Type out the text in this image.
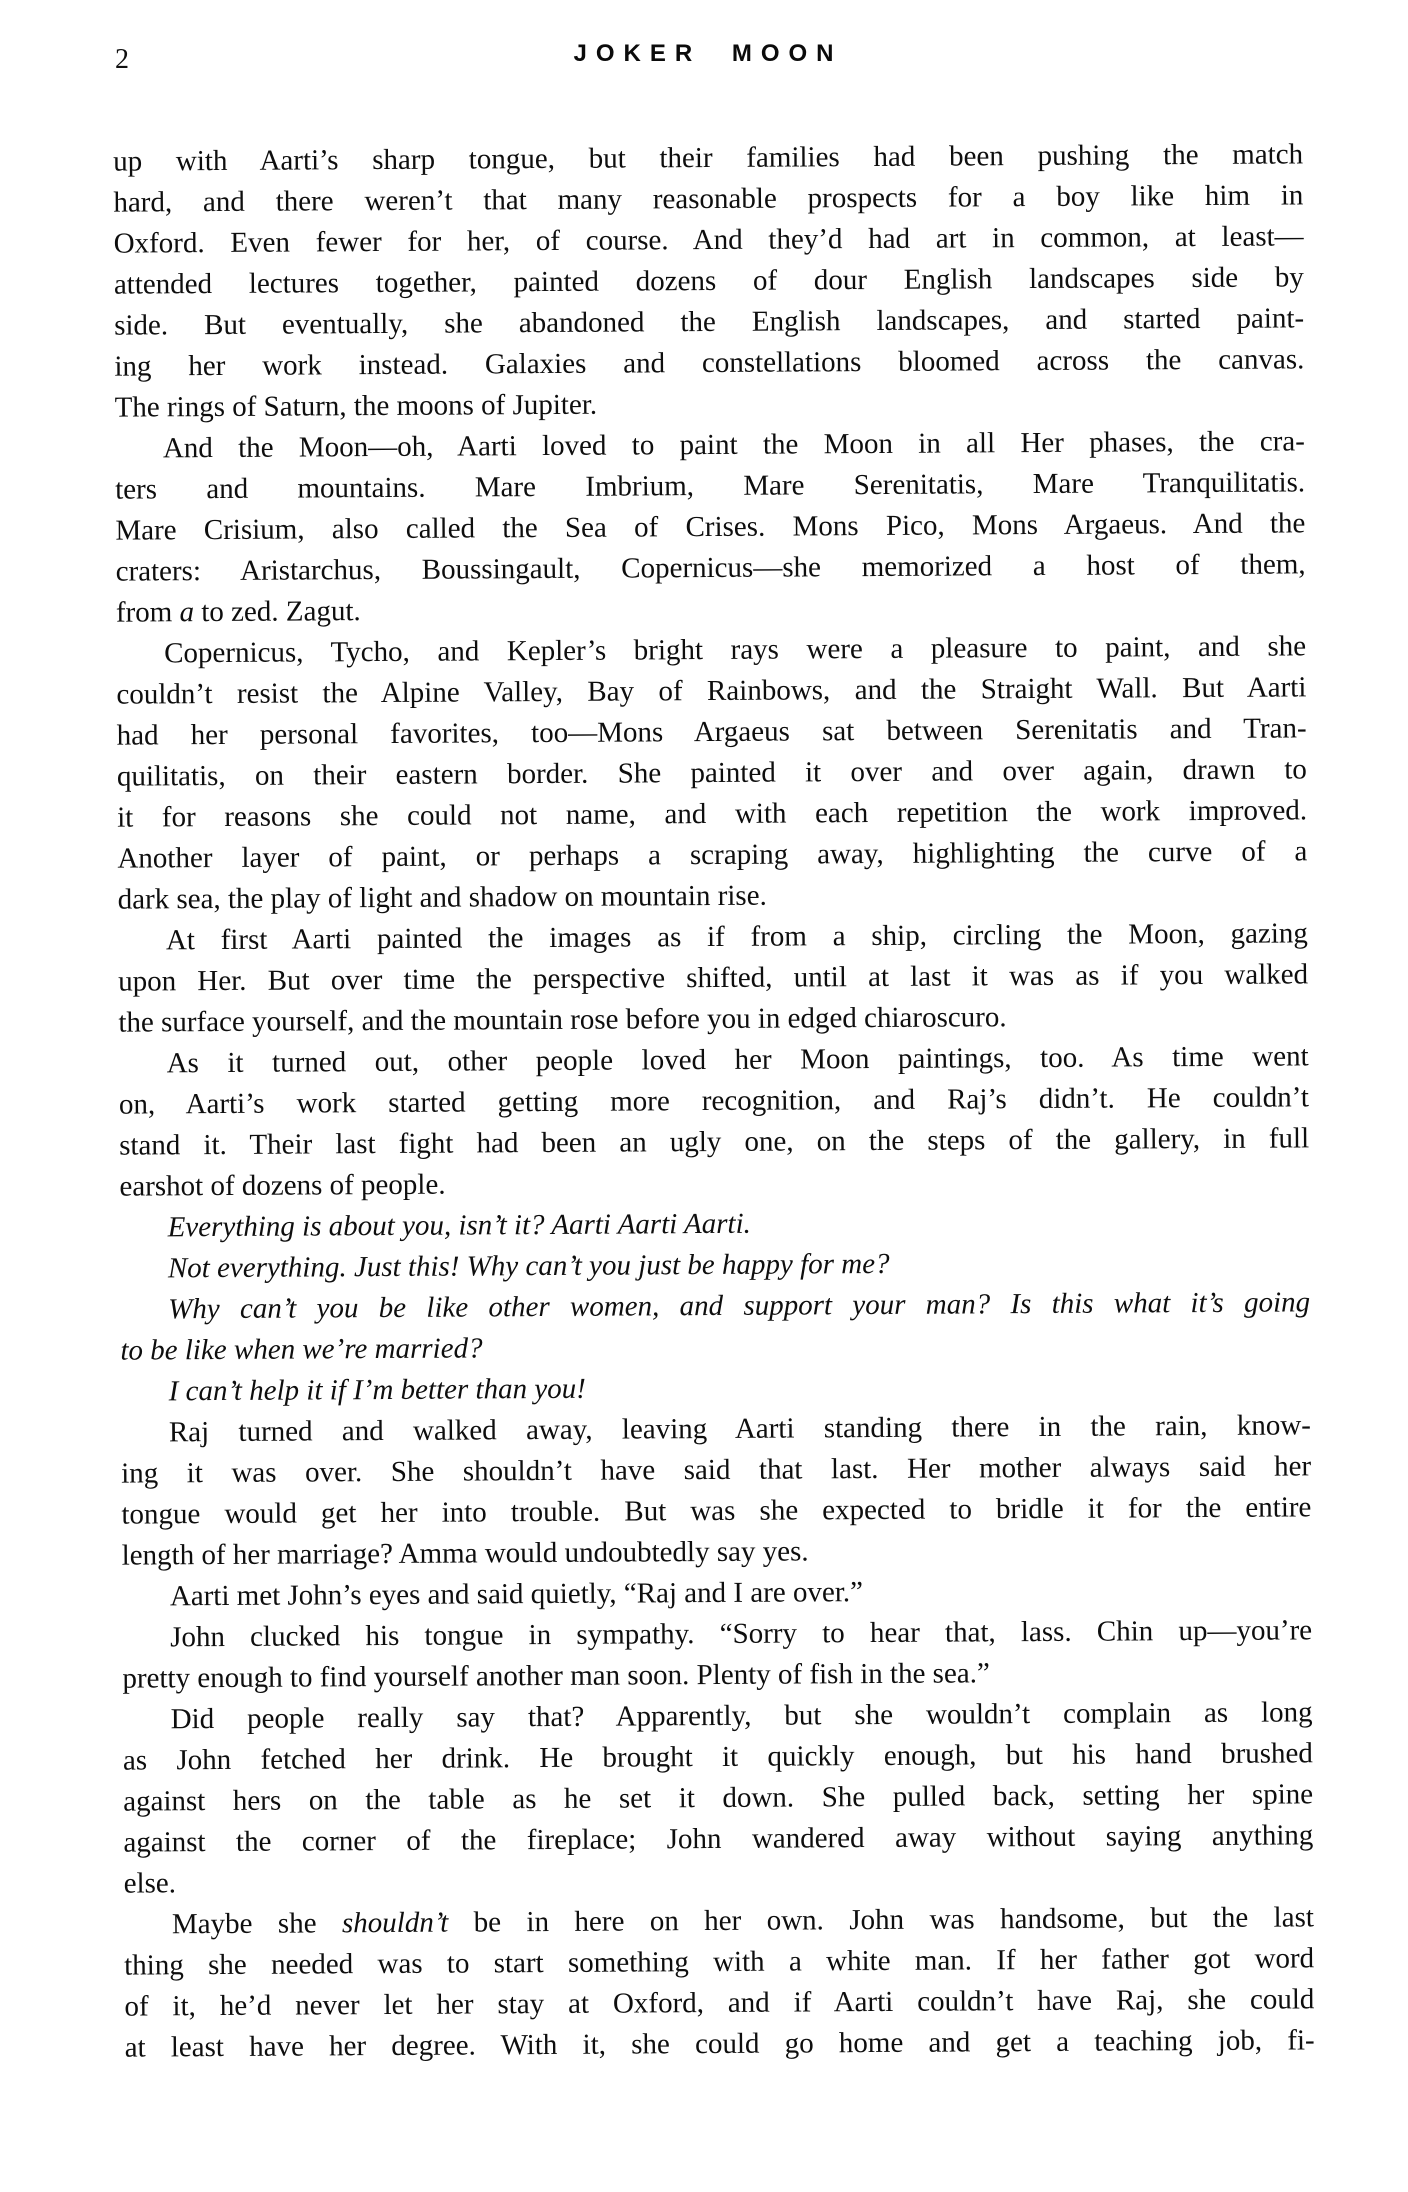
2	JOKER MOON
up with Aarti’s sharp tongue, but their families had been pushing the match
hard, and there weren’t that many reasonable prospects for a boy like him in
Oxford. Even fewer for her, of course. And they’d had art in common, at least—
attended lectures together, painted dozens of dour English landscapes side by
side. But eventually, she abandoned the English landscapes, and started paint-
ing her work instead. Galaxies and constellations bloomed across the canvas.
The rings of Saturn, the moons of Jupiter.
And the Moon—oh, Aarti loved to paint the Moon in all Her phases, the cra-
ters and mountains. Mare Imbrium, Mare Serenitatis, Mare Tranquilitatis.
Mare Crisium, also called the Sea of Crises. Mons Pico, Mons Argaeus. And the
craters: Aristarchus, Boussingault, Copernicus—she memorized a host of them,
from a to zed. Zagut.
Copernicus, Tycho, and Kepler’s bright rays were a pleasure to paint, and she
couldn’t resist the Alpine Valley, Bay of Rainbows, and the Straight Wall. But Aarti
had her personal favorites, too—Mons Argaeus sat between Serenitatis and Tran-
quilitatis, on their eastern border. She painted it over and over again, drawn to
it for reasons she could not name, and with each repetition the work improved.
Another layer of paint, or perhaps a scraping away, highlighting the curve of a
dark sea, the play of light and shadow on mountain rise.
At first Aarti painted the images as if from a ship, circling the Moon, gazing
upon Her. But over time the perspective shifted, until at last it was as if you walked
the surface yourself, and the mountain rose before you in edged chiaroscuro.
As it turned out, other people loved her Moon paintings, too. As time went
on, Aarti’s work started getting more recognition, and Raj’s didn’t. He couldn’t
stand it. Their last fight had been an ugly one, on the steps of the gallery, in full
earshot of dozens of people.
Everything is about you, isn’t it? Aarti Aarti Aarti.
Not everything. Just this! Why can’t you just be happy for me?
Why can’t you be like other women, and support your man? Is this what it’s going
to be like when we’re married?
I can’t help it if I’m better than you!
Raj turned and walked away, leaving Aarti standing there in the rain, know-
ing it was over. She shouldn’t have said that last. Her mother always said her
tongue would get her into trouble. But was she expected to bridle it for the entire
length of her marriage? Amma would undoubtedly say yes.
Aarti met John’s eyes and said quietly, “Raj and I are over.”
John clucked his tongue in sympathy. “Sorry to hear that, lass. Chin up—you’re
pretty enough to find yourself another man soon. Plenty of fish in the sea.”
Did people really say that? Apparently, but she wouldn’t complain as long
as John fetched her drink. He brought it quickly enough, but his hand brushed
against hers on the table as he set it down. She pulled back, setting her spine
against the corner of the fireplace; John wandered away without saying anything
else.
Maybe she shouldn’t be in here on her own. John was handsome, but the last
thing she needed was to start something with a white man. If her father got word
of it, he’d never let her stay at Oxford, and if Aarti couldn’t have Raj, she could
at least have her degree. With it, she could go home and get a teaching job, fi-
